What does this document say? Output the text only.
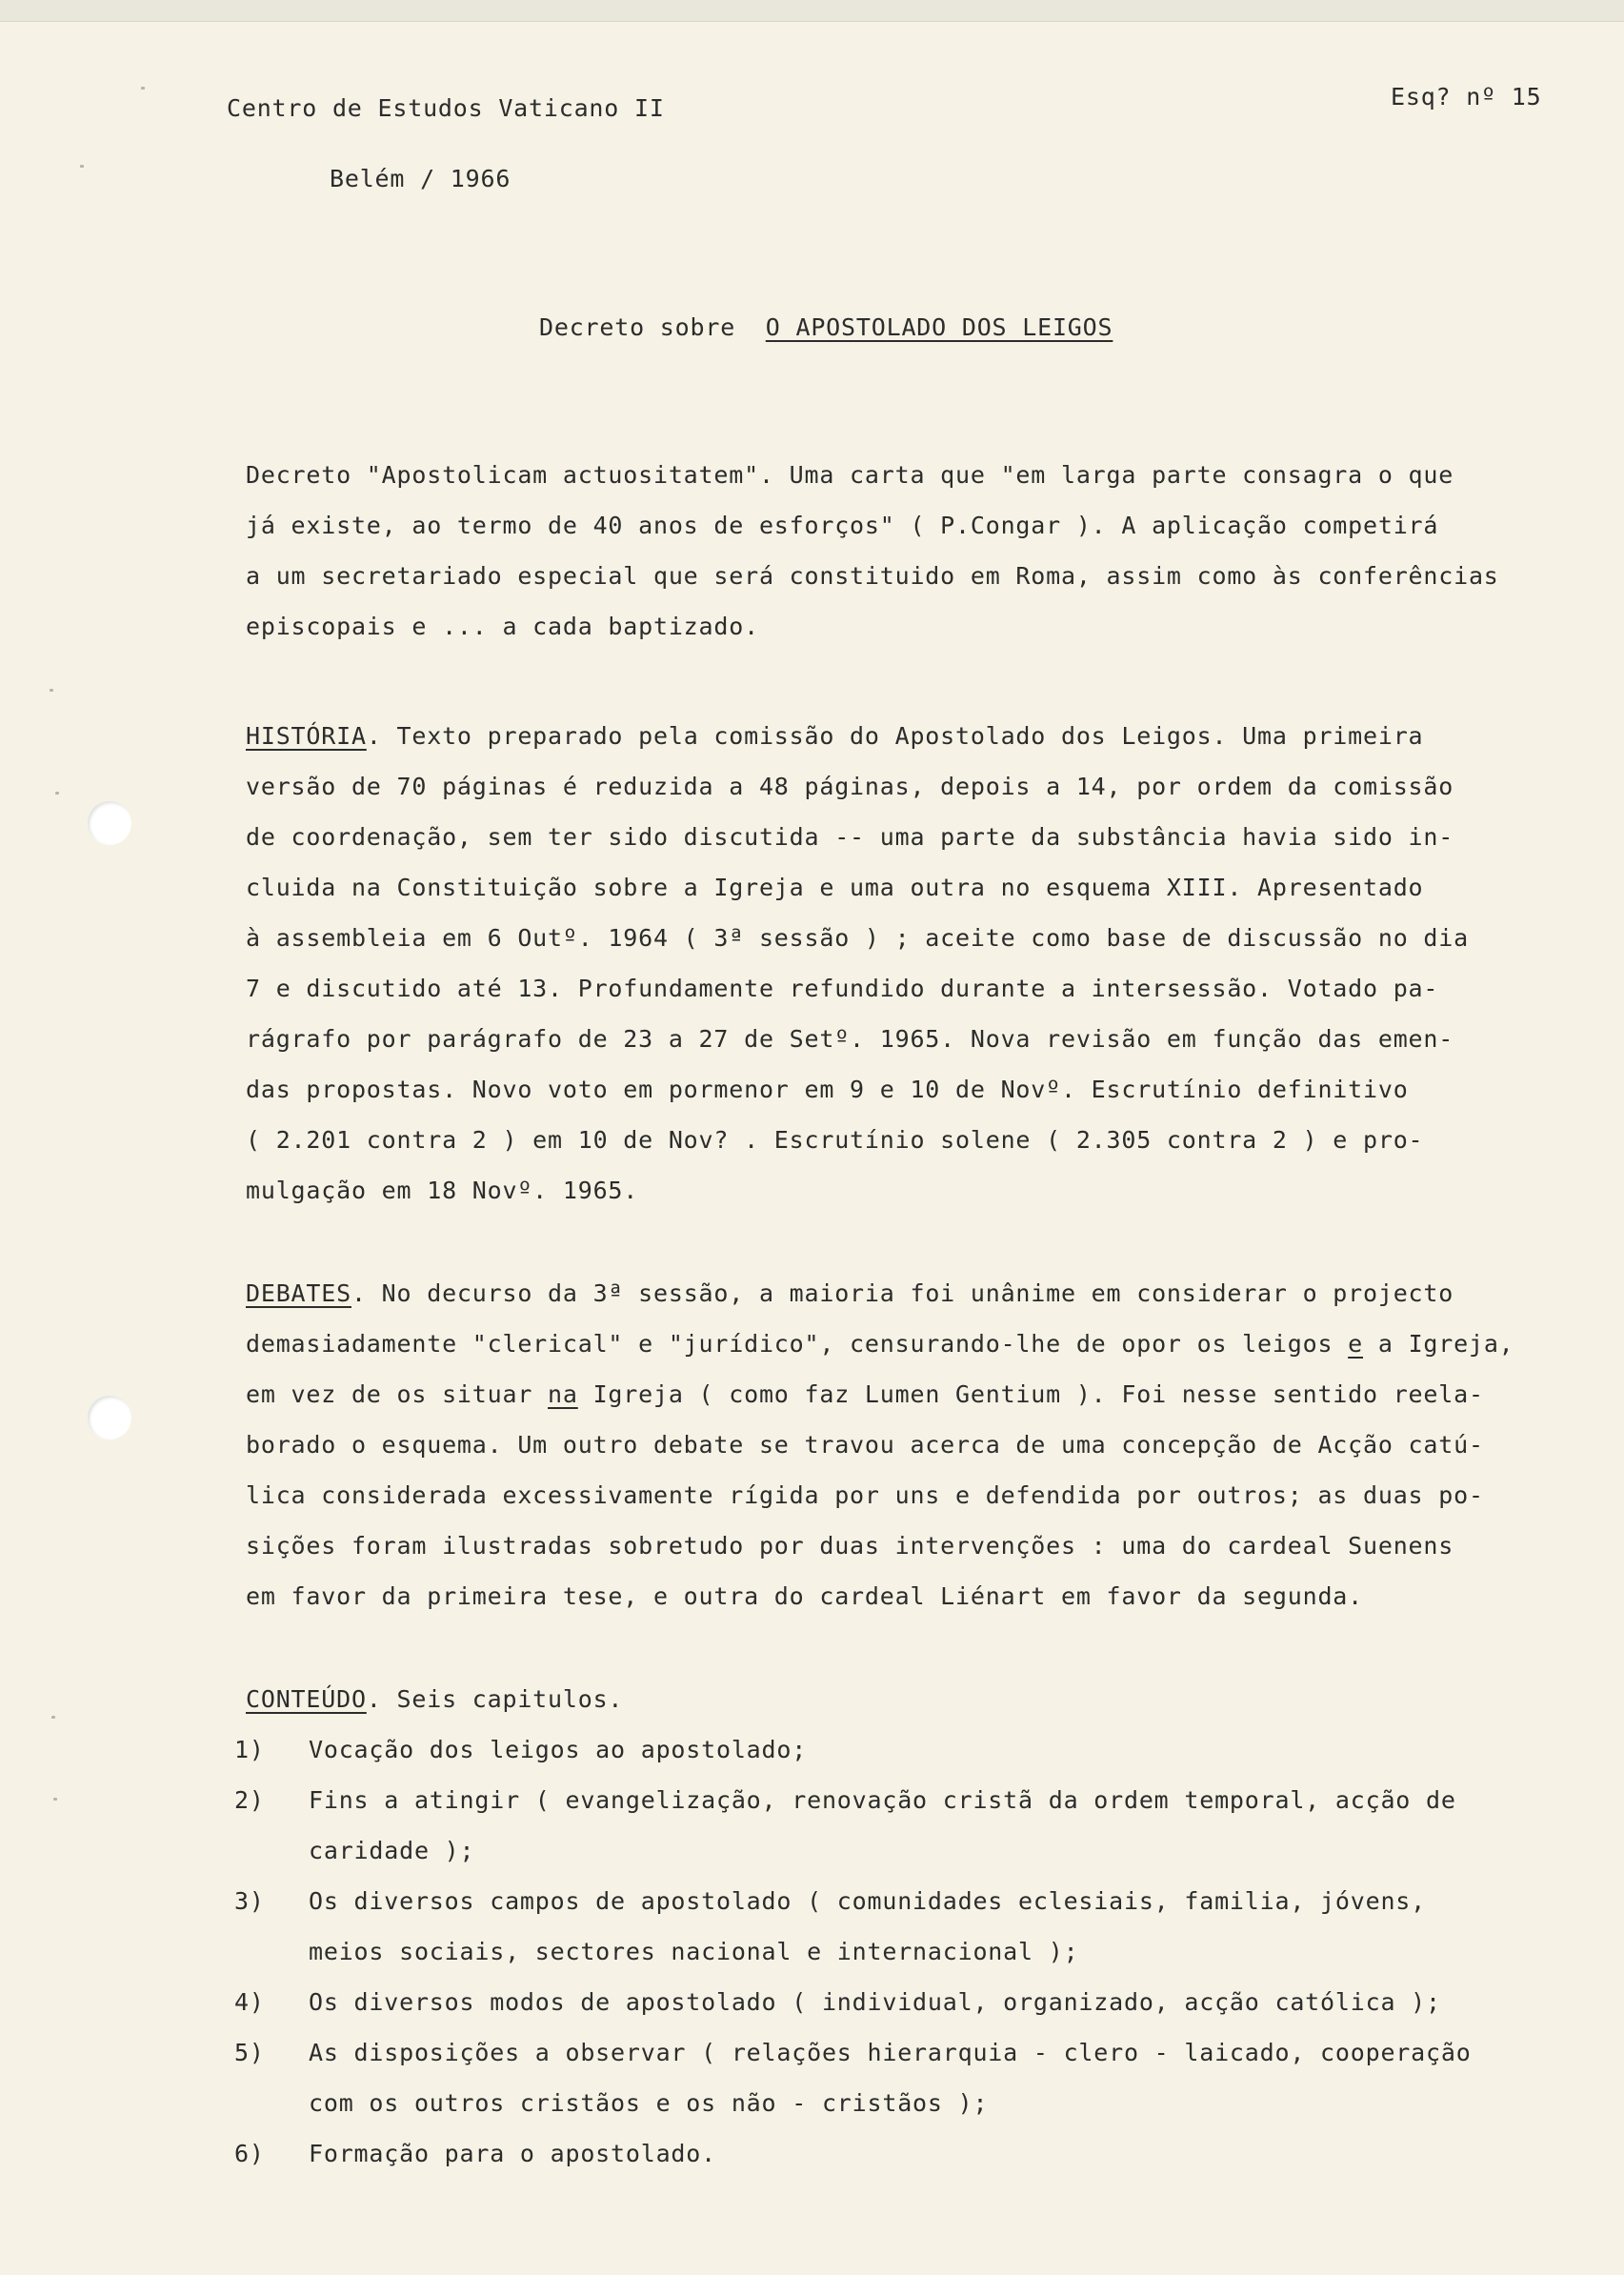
Centro de Estudos Vaticano II	Esq? nº 15
Belém / 1966
Decreto sobre O APOSTOLADO DOS LEIGOS
Decreto "Apostolicam actuositatem". Uma carta que "em larga parte consagra o que
já existe, ao termo de 40 anos de esforços" ( P.Congar ). A aplicação competirá
a um secretariado especial que será constituido em Roma, assim como às conferências
episcopais e ... a cada baptizado.
HISTÓRIA. Texto preparado pela comissão do Apostolado dos Leigos. Uma primeira
versão de 70 páginas é reduzida a 48 páginas, depois a 14, por ordem da comissão
de coordenação, sem ter sido discutida -- uma parte da substância havia sido in-
cluida na Constituição sobre a Igreja e uma outra no esquema XIII. Apresentado
à assembleia em 6 Outº. 1964 ( 3ª sessão ) ; aceite como base de discussão no dia
7 e discutido até 13. Profundamente refundido durante a intersessão. Votado pa-
rágrafo por parágrafo de 23 a 27 de Setº. 1965. Nova revisão em função das emen-
das propostas. Novo voto em pormenor em 9 e 10 de Novº. Escrutínio definitivo
( 2.201 contra 2 ) em 10 de Nov? . Escrutínio solene ( 2.305 contra 2 ) e pro-
mulgação em 18 Novº. 1965.
DEBATES. No decurso da 3ª sessão, a maioria foi unânime em considerar o projecto
demasiadamente "clerical" e "jurídico", censurando-lhe de opor os leigos e a Igreja,
em vez de os situar na Igreja ( como faz Lumen Gentium ). Foi nesse sentido reela-
borado o esquema. Um outro debate se travou acerca de uma concepção de Acção catú-
lica considerada excessivamente rígida por uns e defendida por outros; as duas po-
sições foram ilustradas sobretudo por duas intervenções : uma do cardeal Suenens
em favor da primeira tese, e outra do cardeal Liénart em favor da segunda.
CONTEÚDO. Seis capitulos.
1) Vocação dos leigos ao apostolado;
2) Fins a atingir ( evangelização, renovação cristã da ordem temporal, acção de
caridade );
3) Os diversos campos de apostolado ( comunidades eclesiais, familia, jóvens,
meios sociais, sectores nacional e internacional );
4) Os diversos modos de apostolado ( individual, organizado, acção católica );
5) As disposições a observar ( relações hierarquia - clero - laicado, cooperação
com os outros cristãos e os não - cristãos );
6) Formação para o apostolado.
